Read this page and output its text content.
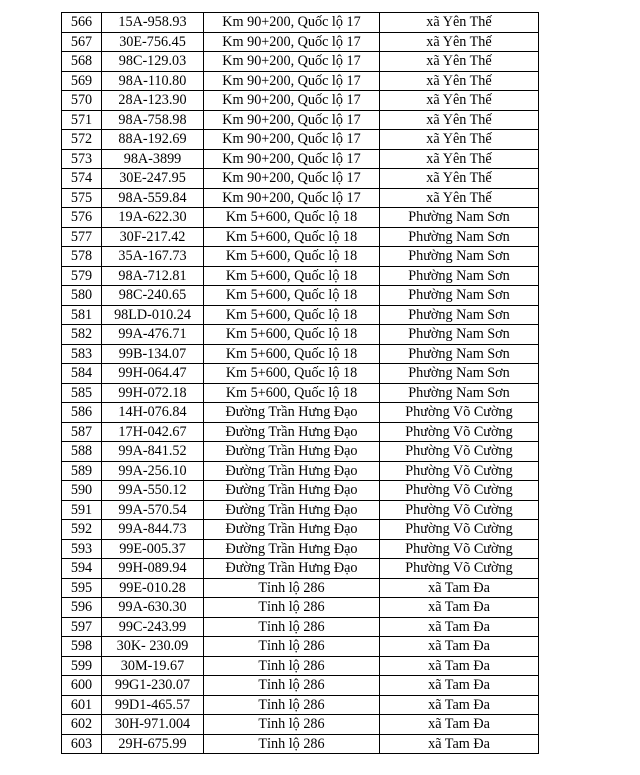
566	15A-958.93	Km 90+200, Quốc lộ 17	xã Yên Thế
567	30E-756.45	Km 90+200, Quốc lộ 17	xã Yên Thế
568	98C-129.03	Km 90+200, Quốc lộ 17	xã Yên Thế
569	98A-110.80	Km 90+200, Quốc lộ 17	xã Yên Thế
570	28A-123.90	Km 90+200, Quốc lộ 17	xã Yên Thế
571	98A-758.98	Km 90+200, Quốc lộ 17	xã Yên Thế
572	88A-192.69	Km 90+200, Quốc lộ 17	xã Yên Thế
573	98A-3899	Km 90+200, Quốc lộ 17	xã Yên Thế
574	30E-247.95	Km 90+200, Quốc lộ 17	xã Yên Thế
575	98A-559.84	Km 90+200, Quốc lộ 17	xã Yên Thế
576	19A-622.30	Km 5+600, Quốc lộ 18	Phường Nam Sơn
577	30F-217.42	Km 5+600, Quốc lộ 18	Phường Nam Sơn
578	35A-167.73	Km 5+600, Quốc lộ 18	Phường Nam Sơn
579	98A-712.81	Km 5+600, Quốc lộ 18	Phường Nam Sơn
580	98C-240.65	Km 5+600, Quốc lộ 18	Phường Nam Sơn
581	98LD-010.24	Km 5+600, Quốc lộ 18	Phường Nam Sơn
582	99A-476.71	Km 5+600, Quốc lộ 18	Phường Nam Sơn
583	99B-134.07	Km 5+600, Quốc lộ 18	Phường Nam Sơn
584	99H-064.47	Km 5+600, Quốc lộ 18	Phường Nam Sơn
585	99H-072.18	Km 5+600, Quốc lộ 18	Phường Nam Sơn
586	14H-076.84	Đường Trần Hưng Đạo	Phường Võ Cường
587	17H-042.67	Đường Trần Hưng Đạo	Phường Võ Cường
588	99A-841.52	Đường Trần Hưng Đạo	Phường Võ Cường
589	99A-256.10	Đường Trần Hưng Đạo	Phường Võ Cường
590	99A-550.12	Đường Trần Hưng Đạo	Phường Võ Cường
591	99A-570.54	Đường Trần Hưng Đạo	Phường Võ Cường
592	99A-844.73	Đường Trần Hưng Đạo	Phường Võ Cường
593	99E-005.37	Đường Trần Hưng Đạo	Phường Võ Cường
594	99H-089.94	Đường Trần Hưng Đạo	Phường Võ Cường
595	99E-010.28	Tỉnh lộ 286	xã Tam Đa
596	99A-630.30	Tỉnh lộ 286	xã Tam Đa
597	99C-243.99	Tỉnh lộ 286	xã Tam Đa
598	30K- 230.09	Tỉnh lộ 286	xã Tam Đa
599	30M-19.67	Tỉnh lộ 286	xã Tam Đa
600	99G1-230.07	Tỉnh lộ 286	xã Tam Đa
601	99D1-465.57	Tỉnh lộ 286	xã Tam Đa
602	30H-971.004	Tỉnh lộ 286	xã Tam Đa
603	29H-675.99	Tỉnh lộ 286	xã Tam Đa
